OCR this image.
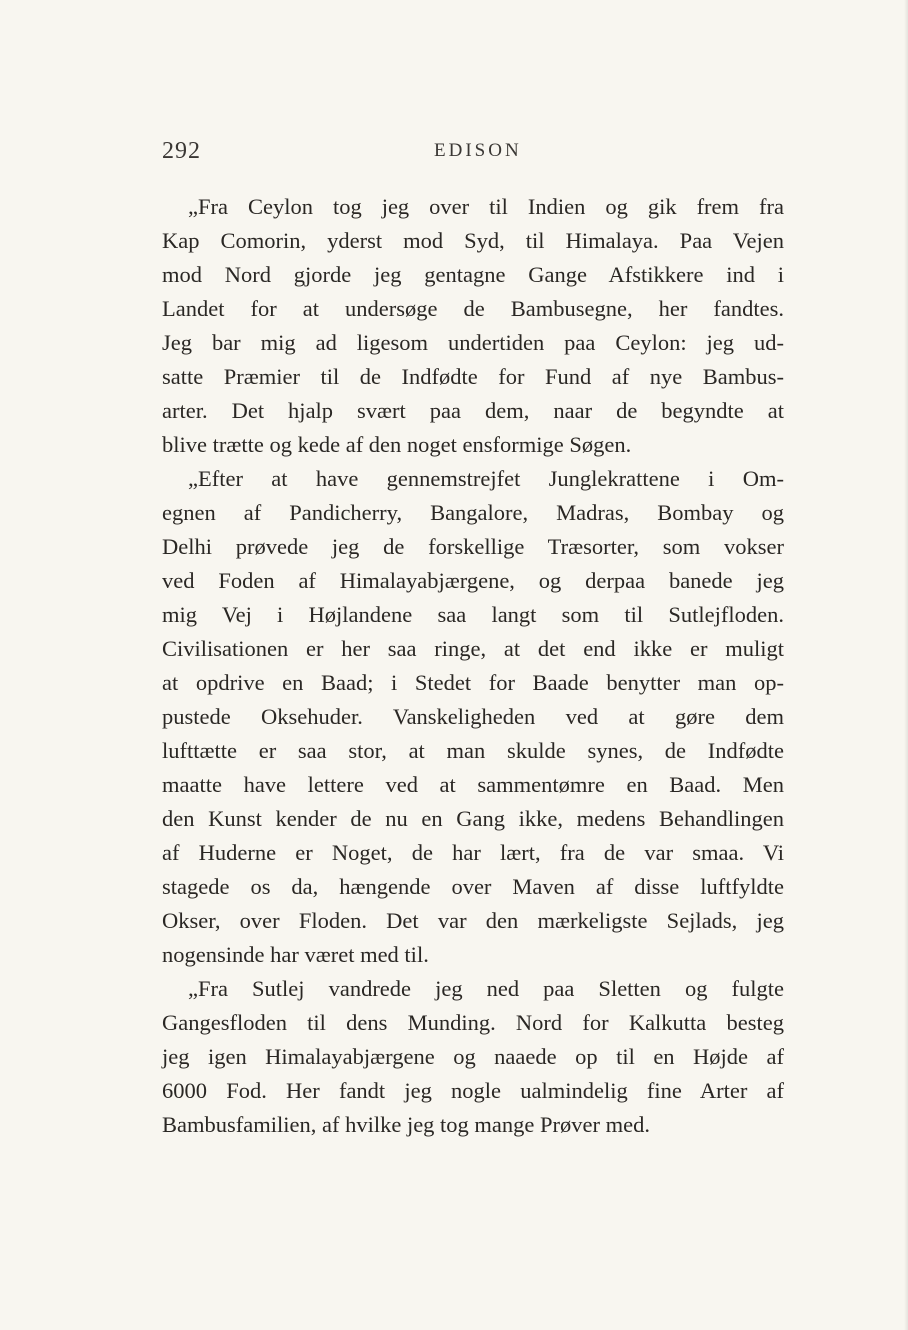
292	EDISON
„Fra Ceylon tog jeg over til Indien og gik frem fra
Kap Comorin, yderst mod Syd, til Himalaya. Paa Vejen
mod Nord gjorde jeg gentagne Gange Afstikkere ind i
Landet for at undersøge de Bambusegne, her fandtes.
Jeg bar mig ad ligesom undertiden paa Ceylon: jeg ud-
satte Præmier til de Indfødte for Fund af nye Bambus-
arter. Det hjalp svært paa dem, naar de begyndte at
blive trætte og kede af den noget ensformige Søgen.
„Efter at have gennemstrejfet Junglekrattene i Om-
egnen af Pandicherry, Bangalore, Madras, Bombay og
Delhi prøvede jeg de forskellige Træsorter, som vokser
ved Foden af Himalayabjærgene, og derpaa banede jeg
mig Vej i Højlandene saa langt som til Sutlejfloden.
Civilisationen er her saa ringe, at det end ikke er muligt
at opdrive en Baad; i Stedet for Baade benytter man op-
pustede Oksehuder. Vanskeligheden ved at gøre dem
lufttætte er saa stor, at man skulde synes, de Indfødte
maatte have lettere ved at sammentømre en Baad. Men
den Kunst kender de nu en Gang ikke, medens Behandlingen
af Huderne er Noget, de har lært, fra de var smaa. Vi
stagede os da, hængende over Maven af disse luftfyldte
Okser, over Floden. Det var den mærkeligste Sejlads, jeg
nogensinde har været med til.
„Fra Sutlej vandrede jeg ned paa Sletten og fulgte
Gangesfloden til dens Munding. Nord for Kalkutta besteg
jeg igen Himalayabjærgene og naaede op til en Højde af
6000 Fod. Her fandt jeg nogle ualmindelig fine Arter af
Bambusfamilien, af hvilke jeg tog mange Prøver med.
